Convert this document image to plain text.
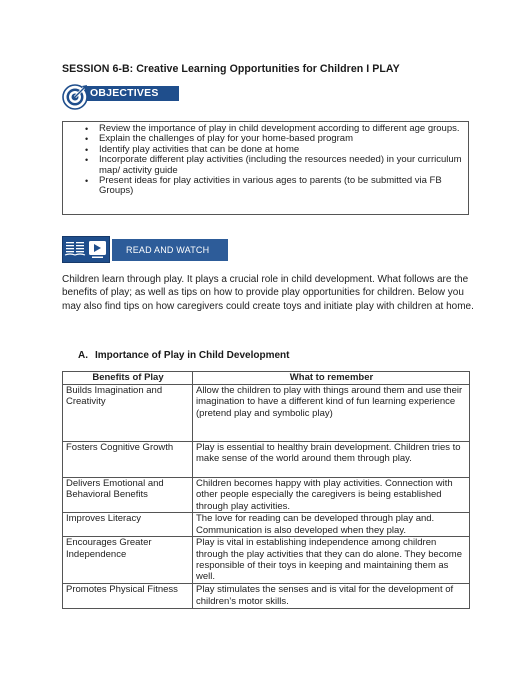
SESSION 6-B: Creative Learning Opportunities for Children I PLAY
OBJECTIVES
• Review the importance of play in child development according to different age groups.
• Explain the challenges of play for your home-based program
• Identify play activities that can be done at home
• Incorporate different play activities (including the resources needed) in your curriculum map/ activity guide
• Present ideas for play activities in various ages to parents (to be submitted via FB Groups)
READ AND WATCH

Children learn through play. It plays a crucial role in child development. What follows are the benefits of play; as well as tips on how to provide play opportunities for children. Below you may also find tips on how caregivers could create toys and initiate play with children at home.

A. Importance of Play in Child Development
Benefits of Play	What to remember
Builds Imagination and Creativity	Allow the children to play with things around them and use their imagination to have a different kind of fun learning experience (pretend play and symbolic play)
Fosters Cognitive Growth	Play is essential to healthy brain development. Children tries to make sense of the world around them through play.
Delivers Emotional and Behavioral Benefits	Children becomes happy with play activities. Connection with other people especially the caregivers is being established through play activities.
Improves Literacy	The love for reading can be developed through play and. Communication is also developed when they play.
Encourages Greater Independence	Play is vital in establishing independence among children through the play activities that they can do alone. They become responsible of their toys in keeping and maintaining them as well.
Promotes Physical Fitness	Play stimulates the senses and is vital for the development of children’s motor skills.
